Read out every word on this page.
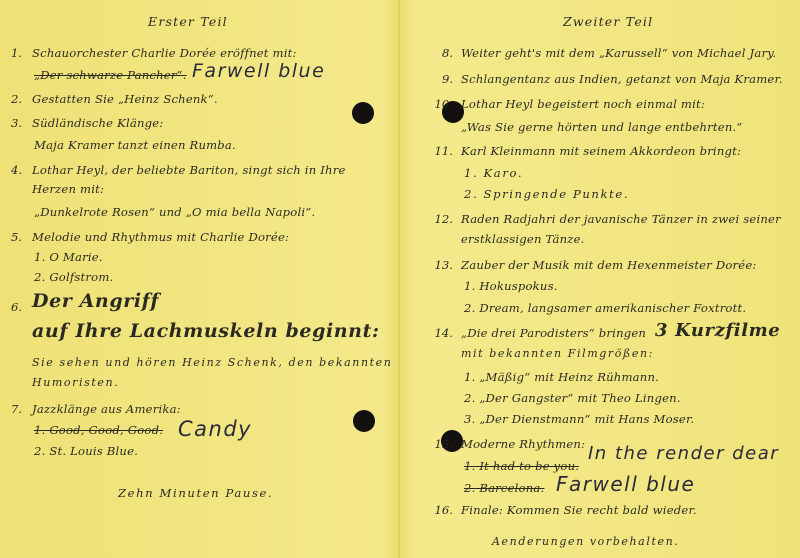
Erster Teil
1. Schauorchester Charlie Dorée eröffnet mit:
„Der schwarze Pancher“. Farwell blue
2. Gestatten Sie „Heinz Schenk“.
3. Südländische Klänge:
Maja Kramer tanzt einen Rumba.
4. Lothar Heyl, der beliebte Bariton, singt sich in Ihre
Herzen mit:
„Dunkelrote Rosen“ und „O mia bella Napoli“.
5. Melodie und Rhythmus mit Charlie Dorée:
1. O Marie.
2. Golfstrom.
6. Der Angriff
auf Ihre Lachmuskeln beginnt:
Sie sehen und hören Heinz Schenk, den bekannten
Humoristen.
7. Jazzklänge aus Amerika:
1. Good, Good, Good. Candy
2. St. Louis Blue.
Zehn Minuten Pause.
Zweiter Teil
8. Weiter geht's mit dem „Karussell“ von Michael Jary.
9. Schlangentanz aus Indien, getanzt von Maja Kramer.
10. Lothar Heyl begeistert noch einmal mit:
„Was Sie gerne hörten und lange entbehrten.“
11. Karl Kleinmann mit seinem Akkordeon bringt:
1. Karo.
2. Springende Punkte.
12. Raden Radjahri der javanische Tänzer in zwei seiner
erstklassigen Tänze.
13. Zauber der Musik mit dem Hexenmeister Dorée:
1. Hokuspokus.
2. Dream, langsamer amerikanischer Foxtrott.
14. „Die drei Parodisters“ bringen 3 Kurzfilme
mit bekannten Filmgrößen:
1. „Mäßig“ mit Heinz Rühmann.
2. „Der Gangster“ mit Theo Lingen.
3. „Der Dienstmann“ mit Hans Moser.
15. Moderne Rhythmen:
1. It had to be you.
2. Barcelona.
In the render dear
Farwell blue
16. Finale: Kommen Sie recht bald wieder.
Aenderungen vorbehalten.
